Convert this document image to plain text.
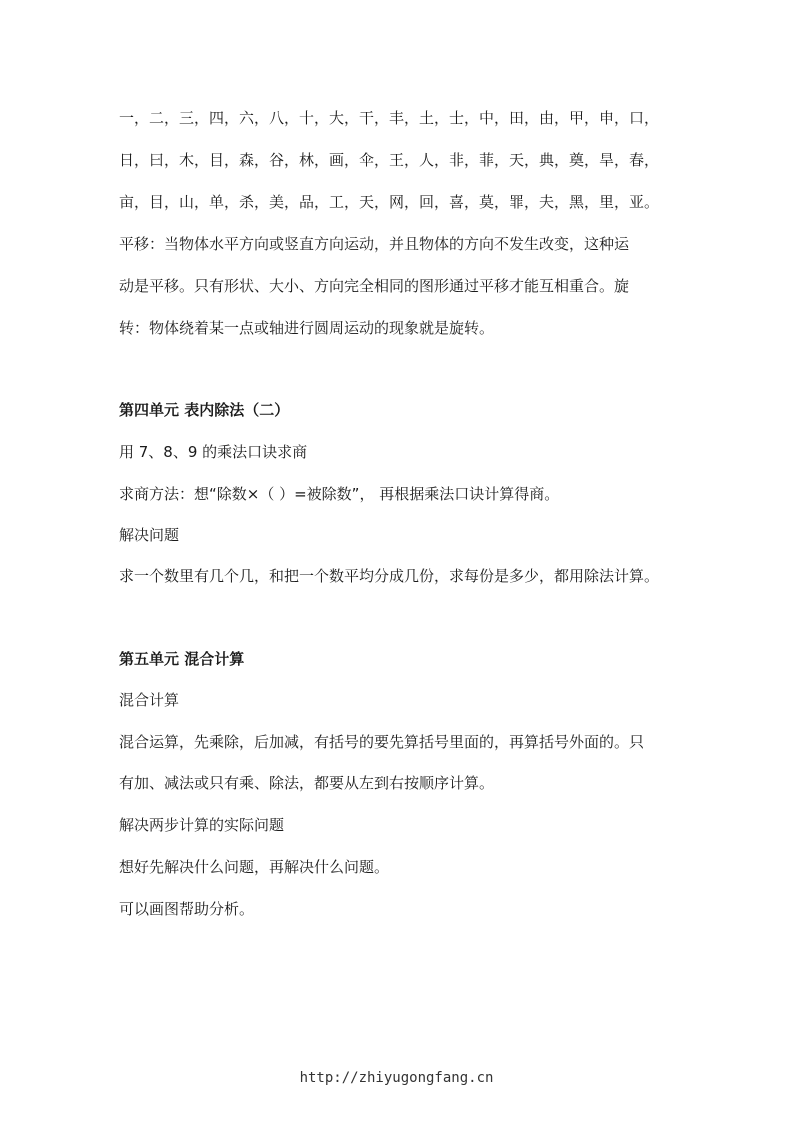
一，二，三，四，六，八，十，大，干，丰，土，士，中，田，由，甲，申，口，
日，曰，木，目，森，谷，林，画，伞，王，人，非，菲，天，典，奠，旱，春，
亩，目，山，单，杀，美，品，工，天，网，回，喜，莫，罪，夫，黑，里，亚。
平移：当物体水平方向或竖直方向运动，并且物体的方向不发生改变，这种运
动是平移。只有形状、大小、方向完全相同的图形通过平移才能互相重合。旋
转：物体绕着某一点或轴进行圆周运动的现象就是旋转。
第四单元 表内除法（二）
用 7、8、9 的乘法口诀求商
求商方法：想“除数×（ ）=被除数”， 再根据乘法口诀计算得商。
解决问题
求一个数里有几个几，和把一个数平均分成几份，求每份是多少，都用除法计算。
第五单元 混合计算
混合计算
混合运算，先乘除，后加减，有括号的要先算括号里面的，再算括号外面的。只
有加、减法或只有乘、除法，都要从左到右按顺序计算。
解决两步计算的实际问题
想好先解决什么问题，再解决什么问题。
可以画图帮助分析。
http://zhiyugongfang.cn
